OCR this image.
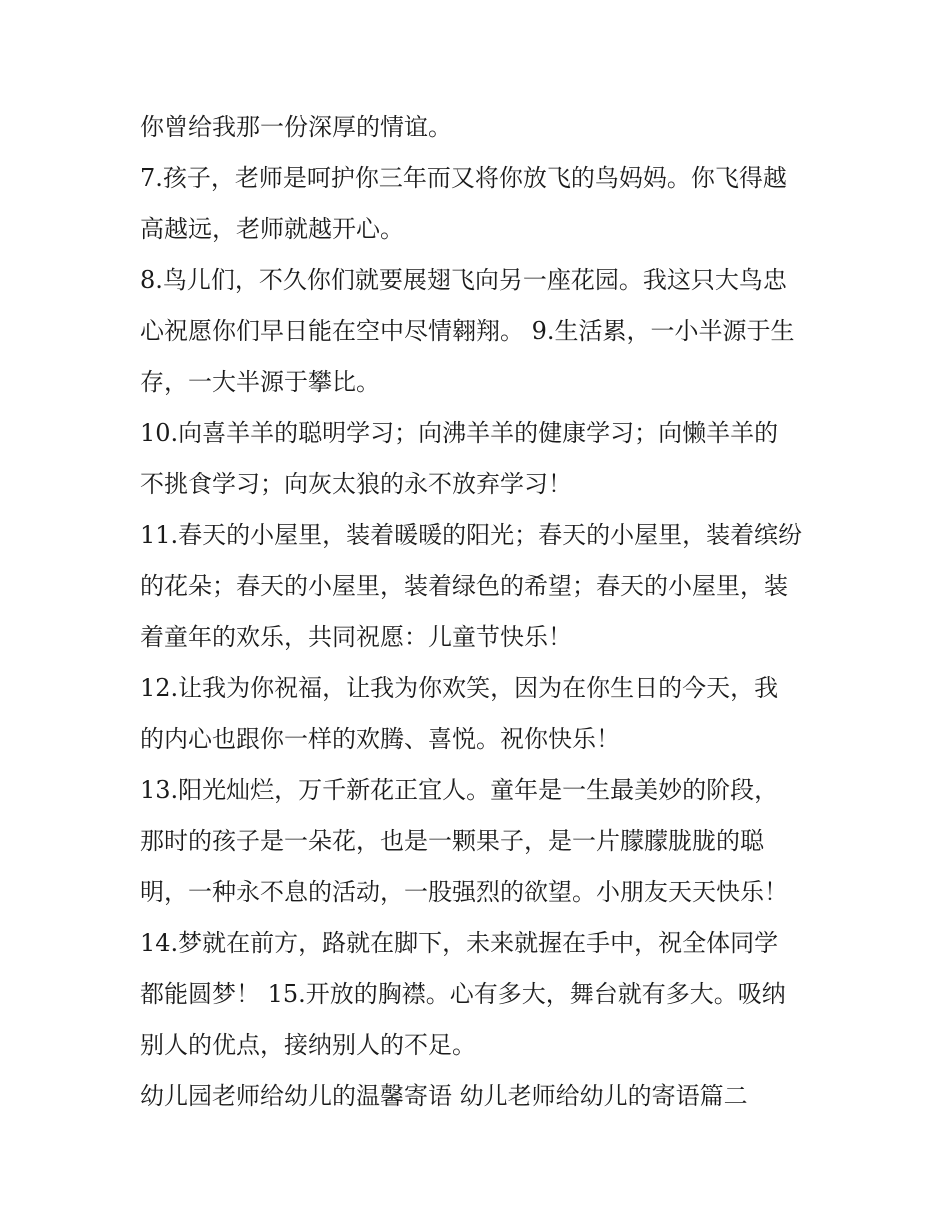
你曾给我那一份深厚的情谊。
7.孩子，老师是呵护你三年而又将你放飞的鸟妈妈。你飞得越
高越远，老师就越开心。
8.鸟儿们，不久你们就要展翅飞向另一座花园。我这只大鸟忠
心祝愿你们早日能在空中尽情翱翔。 9.生活累，一小半源于生
存，一大半源于攀比。
10.向喜羊羊的聪明学习；向沸羊羊的健康学习；向懒羊羊的
不挑食学习；向灰太狼的永不放弃学习！
11.春天的小屋里，装着暖暖的阳光；春天的小屋里，装着缤纷
的花朵；春天的小屋里，装着绿色的希望；春天的小屋里，装
着童年的欢乐，共同祝愿：儿童节快乐！
12.让我为你祝福，让我为你欢笑，因为在你生日的今天，我
的内心也跟你一样的欢腾、喜悦。祝你快乐！
13.阳光灿烂，万千新花正宜人。童年是一生最美妙的阶段，
那时的孩子是一朵花，也是一颗果子，是一片朦朦胧胧的聪
明，一种永不息的活动，一股强烈的欲望。小朋友天天快乐！
14.梦就在前方，路就在脚下，未来就握在手中，祝全体同学
都能圆梦！ 15.开放的胸襟。心有多大，舞台就有多大。吸纳
别人的优点，接纳别人的不足。
幼儿园老师给幼儿的温馨寄语 幼儿老师给幼儿的寄语篇二
